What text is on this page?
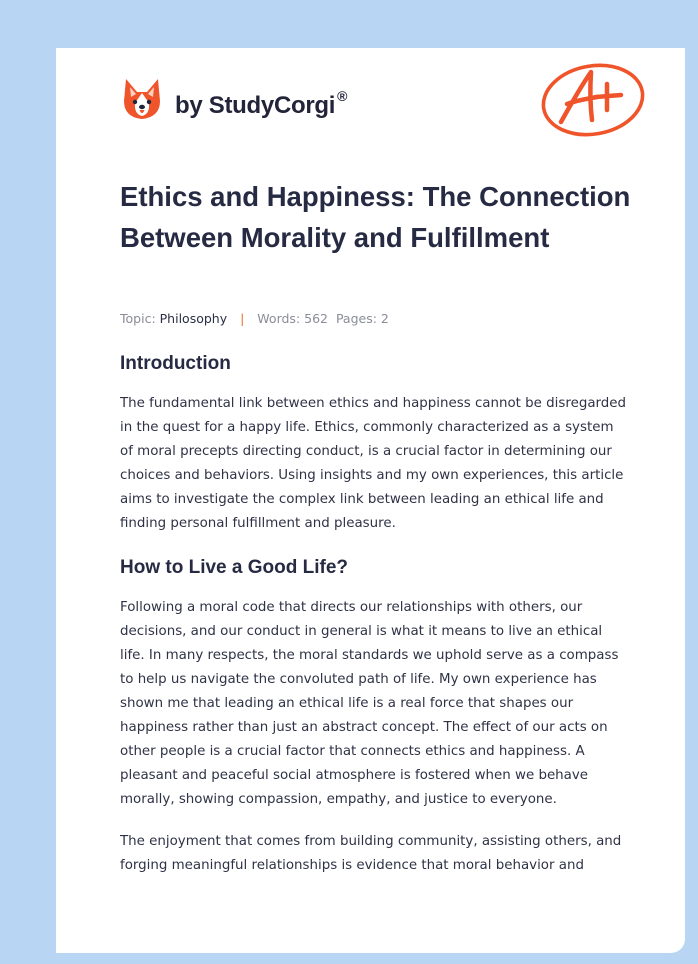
by StudyCorgi ®
Ethics and Happiness: The Connection Between Morality and Fulfillment
Topic: Philosophy | Words: 562 Pages: 2
Introduction

The fundamental link between ethics and happiness cannot be disregarded in the quest for a happy life. Ethics, commonly characterized as a system of moral precepts directing conduct, is a crucial factor in determining our choices and behaviors. Using insights and my own experiences, this article aims to investigate the complex link between leading an ethical life and finding personal fulfillment and pleasure.

How to Live a Good Life?

Following a moral code that directs our relationships with others, our decisions, and our conduct in general is what it means to live an ethical life. In many respects, the moral standards we uphold serve as a compass to help us navigate the convoluted path of life. My own experience has shown me that leading an ethical life is a real force that shapes our happiness rather than just an abstract concept. The effect of our acts on other people is a crucial factor that connects ethics and happiness. A pleasant and peaceful social atmosphere is fostered when we behave morally, showing compassion, empathy, and justice to everyone.

The enjoyment that comes from building community, assisting others, and forging meaningful relationships is evidence that moral behavior and
